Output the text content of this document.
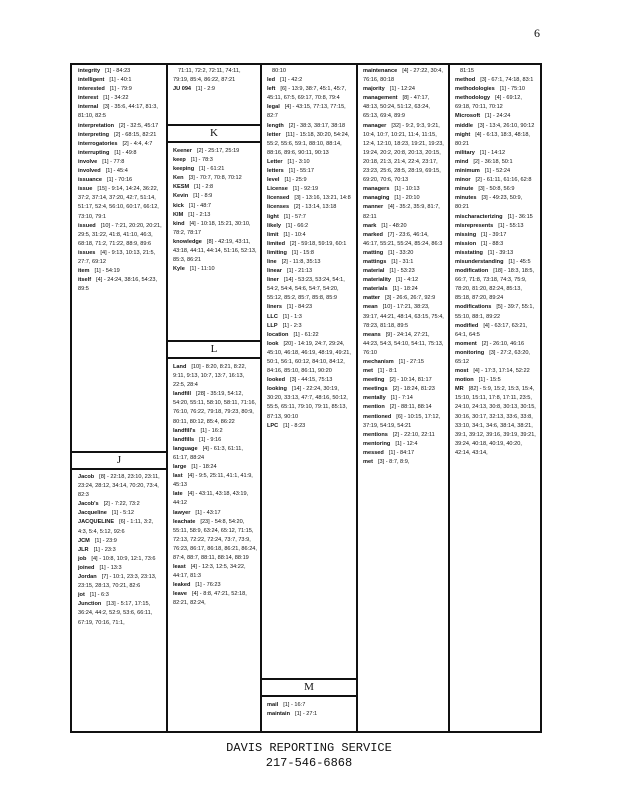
6
integrity [1] - 84:23
intelligent [1] - 40:1
interested [1] - 79:9
interest [1] - 34:22
internal [3] - 35:6, 44:17, 81:3, 81:10, 82:5
interpretation [2] - 32:5, 45:17
interpreting [2] - 68:15, 82:21
interrogatories [2] - 4:4, 4:7
interrupting [1] - 49:8
involve [1] - 77:8
involved [1] - 45:4
issuance [1] - 70:16
issue [15] - 9:14, 14:24, 36:22, 37:2, 37:14, 37:20, 42:7, 51:14, 51:17, 52:4, 56:10, 60:17, 66:12, 73:10, 79:1
issued [10] - 7:21, 20:20, 20:21, 29:5, 31:22, 41:8, 41:10, 46:3, 68:18, 71:2, 71:22, 88:9, 89:6
issues [4] - 9:13, 10:13, 21:5, 27:7, 69:12
item [1] - 54:19
itself [4] - 24:24, 38:16, 54:23, 89:5
J
Jacob [8] - 22:18, 23:10, 23:11, 23:24, 28:12, 34:14, 70:20, 73:4, 82:3
Jacob's [2] - 7:22, 73:2
Jacqueline [1] - 5:12
JACQUELINE [6] - 1:11, 3:2, 4:3, 5:4, 5:12, 92:6
JCM [1] - 23:9
JLR [1] - 23:3
job [4] - 10:8, 10:9, 12:1, 73:6
joined [1] - 13:3
Jordan [7] - 10:1, 23:3, 23:13, 23:15, 28:13, 70:21, 82:6
jot [1] - 6:3
Junction [13] - 5:17, 17:15, 36:24, 44:2, 52:9, 53:6, 66:11, 67:19, 70:16, 71:1,
71:11, 72:2, 72:11, 74:11, 79:19, 85:4, 86:22, 87:21
JU 094 [1] - 2:9
K
Keener [2] - 25:17, 25:19
keep [1] - 78:3
keeping [1] - 61:21
Ken [3] - 70:7, 70:8, 70:12
KESM [1] - 2:8
Kevin [1] - 8:9
kick [1] - 48:7
KIM [1] - 2:13
kind [4] - 10:18, 15:21, 30:10, 78:2, 78:17
knowledge [8] - 42:19, 43:11, 43:18, 44:11, 44:14, 51:16, 52:13, 85:3, 86:21
Kyle [1] - 11:10
L
Land [10] - 8:20, 8:21, 8:22, 9:11, 9:13, 10:7, 13:7, 16:13, 22:5, 28:4
landfill [28] - 35:19, 54:12, 54:20, 55:11, 58:10, 58:11, 71:16, 76:10, 76:22, 79:18, 79:23, 80:9, 80:11, 80:12, 85:4, 86:22
landfill's [1] - 16:2
landfills [1] - 9:16
language [4] - 61:3, 61:11, 61:17, 88:24
large [1] - 18:24
last [4] - 9:5, 25:11, 41:1, 41:9, 45:13
late [4] - 43:11, 43:18, 43:19, 44:12
lawyer [1] - 43:17
leachate [23] - 54:8, 54:20, 55:11, 58:9, 63:24, 65:12, 71:15, 72:13, 72:22, 72:24, 73:7, 73:9, 76:23, 86:17, 86:18, 86:21, 86:24, 87:4, 88:7, 88:11, 88:14, 88:19
least [4] - 12:3, 12:5, 34:22, 44:17, 81:3
leaked [1] - 76:23
leave [4] - 8:8, 47:21, 52:18, 82:21, 82:24,
80:10
led [1] - 42:2
left [6] - 13:9, 38:7, 45:1, 45:7, 45:11, 67:5, 69:17, 70:8, 79:4
legal [4] - 43:15, 77:13, 77:15, 82:7
length [2] - 38:3, 38:17, 38:18
letter [11] - 15:18, 30:20, 54:24, 55:2, 55:6, 59:1, 88:10, 88:14, 88:16, 89:6, 90:11, 90:13
Letter [1] - 3:10
letters [1] - 55:17
level [1] - 25:9
License [1] - 92:19
licensed [3] - 13:16, 13:21, 14:8
licenses [2] - 13:14, 13:18
light [1] - 57:7
likely [1] - 66:2
limit [1] - 10:4
limited [2] - 59:18, 59:19, 60:1
limiting [1] - 15:8
line [2] - 11:8, 35:13
linear [1] - 21:13
liner [14] - 53:23, 53:24, 54:1, 54:2, 54:4, 54:6, 54:7, 54:20, 55:12, 85:2, 85:7, 85:8, 85:9
liners [1] - 84:23
LLC [1] - 1:3
LLP [1] - 2:3
location [1] - 61:22
look [20] - 14:19, 24:7, 29:24, 45:10, 46:18, 46:19, 48:19, 49:21, 50:1, 56:1, 60:12, 84:10, 84:12, 84:16, 85:10, 86:11, 90:20
looked [3] - 44:15, 75:13
looking [14] - 22:24, 30:19, 30:20, 33:13, 47:7, 48:16, 50:12, 55:5, 65:11, 79:10, 79:11, 85:13, 87:13, 90:10
LPC [1] - 8:23
M
mail [1] - 16:7
maintain [1] - 27:1
maintenance [4] - 27:22, 30:4, 76:16, 80:18
majority [1] - 12:24
management [8] - 47:17, 48:13, 50:24, 51:12, 63:24, 65:13, 69:4, 89:9
manager [32] - 9:2, 9:3, 9:21, 10:4, 10:7, 10:21, 11:4, 11:15, 12:4, 12:10, 18:23, 19:21, 19:23, 19:24, 20:2, 20:8, 20:13, 20:15, 20:18, 21:3, 21:4, 22:4, 23:17, 23:23, 25:6, 28:5, 28:19, 69:15, 69:20, 70:6, 70:13
managers [1] - 10:13
managing [1] - 20:10
manner [4] - 35:2, 35:9, 81:7, 82:11
mark [1] - 48:20
marked [7] - 23:6, 46:14, 46:17, 55:21, 55:24, 85:24, 86:3
matting [1] - 33:20
mattings [1] - 31:1
material [1] - 53:23
materiality [1] - 4:12
materials [1] - 18:24
matter [3] - 26:6, 26:7, 92:9
mean [10] - 17:21, 38:23, 39:17, 44:21, 48:14, 63:15, 75:4, 78:23, 81:18, 89:5
means [9] - 24:14, 27:21, 44:23, 54:3, 54:10, 54:11, 75:13, 76:10
mechanism [1] - 27:15
met [1] - 8:1
meeting [2] - 10:14, 81:17
meetings [2] - 18:24, 81:23
mentally [1] - 7:14
mention [2] - 88:11, 88:14
mentioned [6] - 10:15, 17:12, 37:19, 54:19, 54:21
mentions [2] - 22:10, 22:11
mentoring [1] - 12:4
messed [1] - 84:17
met [3] - 8:7, 8:9,
81:15
method [3] - 67:1, 74:18, 83:1
methodologies [1] - 75:10
methodology [4] - 69:12, 69:18, 70:11, 70:12
Microsoft [1] - 24:24
middle [3] - 13:4, 26:10, 90:12
might [4] - 6:13, 18:3, 48:18, 80:21
military [1] - 14:12
mind [2] - 36:18, 50:1
minimum [1] - 52:24
minor [2] - 61:11, 61:16, 62:8
minute [3] - 50:8, 56:9
minutes [3] - 49:23, 50:9, 80:21
mischaracterizing [1] - 36:15
misrepresents [1] - 55:13
missing [1] - 39:17
mission [1] - 88:3
misstating [1] - 39:13
misunderstanding [1] - 45:5
modification [18] - 18:3, 18:5, 66:7, 71:8, 73:18, 74:3, 75:9, 78:20, 81:20, 82:24, 85:13, 85:18, 87:20, 89:24
modifications [5] - 39:7, 55:1, 55:10, 88:1, 89:22
modified [4] - 63:17, 63:21, 64:1, 64:5
moment [2] - 26:10, 46:16
monitoring [3] - 27:2, 63:20, 65:12
most [4] - 17:3, 17:14, 52:22
motion [1] - 15:5
MR [82] - 5:9, 15:2, 15:3, 15:4, 15:10, 15:11, 17:8, 17:11, 23:5, 24:10, 24:13, 30:8, 30:13, 30:15, 30:16, 30:17, 32:13, 33:6, 33:8, 33:10, 34:1, 34:6, 38:14, 38:21, 39:1, 39:12, 39:16, 39:19, 39:21, 39:24, 40:18, 40:19, 40:20, 42:14, 43:14,
DAVIS REPORTING SERVICE
217-546-6868
